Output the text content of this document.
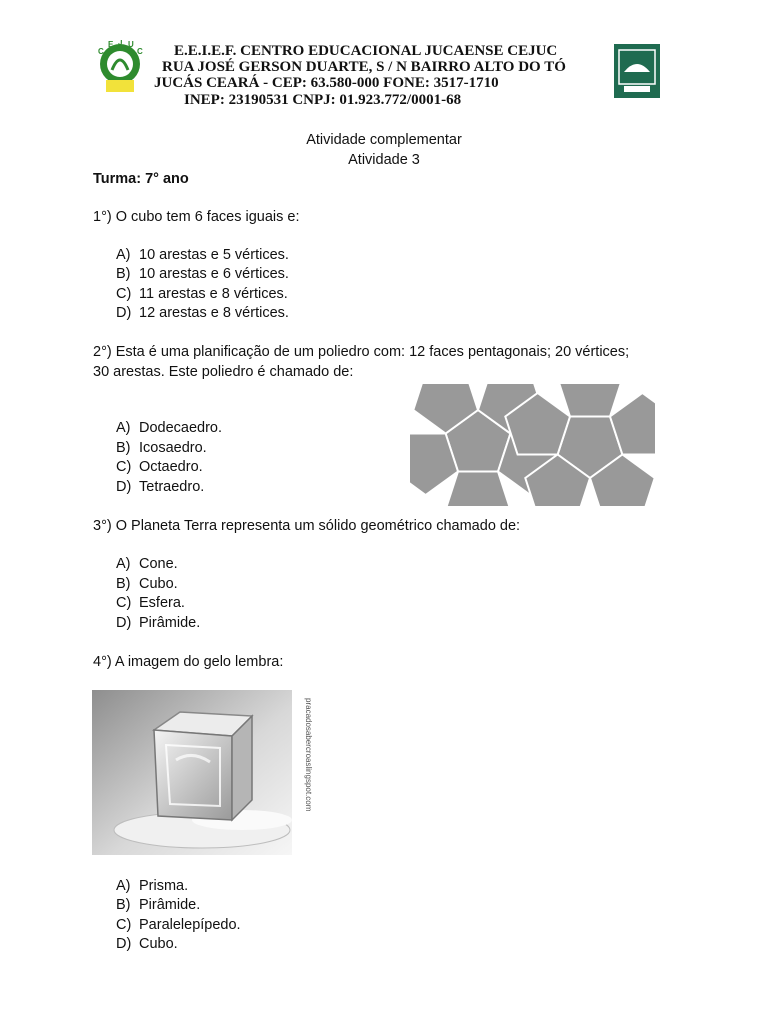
C
E J U
C E.E.I.E.F. CENTRO EDUCACIONAL JUCAENSE CEJUC
RUA JOSÉ GERSON DUARTE, S / N BAIRRO ALTO DO TÓ
JUCÁS CEARÁ - CEP: 63.580-000 FONE: 3517-1710
INEP: 23190531 CNPJ: 01.923.772/0001-68
Atividade complementar
Atividade 3
Turma: 7° ano
1°) O cubo tem 6 faces iguais e:
A) 10 arestas e 5 vértices.
B) 10 arestas e 6 vértices.
C) 11 arestas e 8 vértices.
D) 12 arestas e 8 vértices.
2°) Esta é uma planificação de um poliedro com: 12 faces pentagonais; 20 vértices;
30 arestas. Este poliedro é chamado de:
A) Dodecaedro.
B) Icosaedro.
C) Octaedro.
D) Tetraedro.
3°) O Planeta Terra representa um sólido geométrico chamado de:
A) Cone.
B) Cubo.
C) Esfera.
D) Pirâmide.
4°) A imagem do gelo lembra:
pracadosabercroaslingspot.com
A) Prisma.
B) Pirâmide.
C) Paralelepípedo.
D) Cubo.
